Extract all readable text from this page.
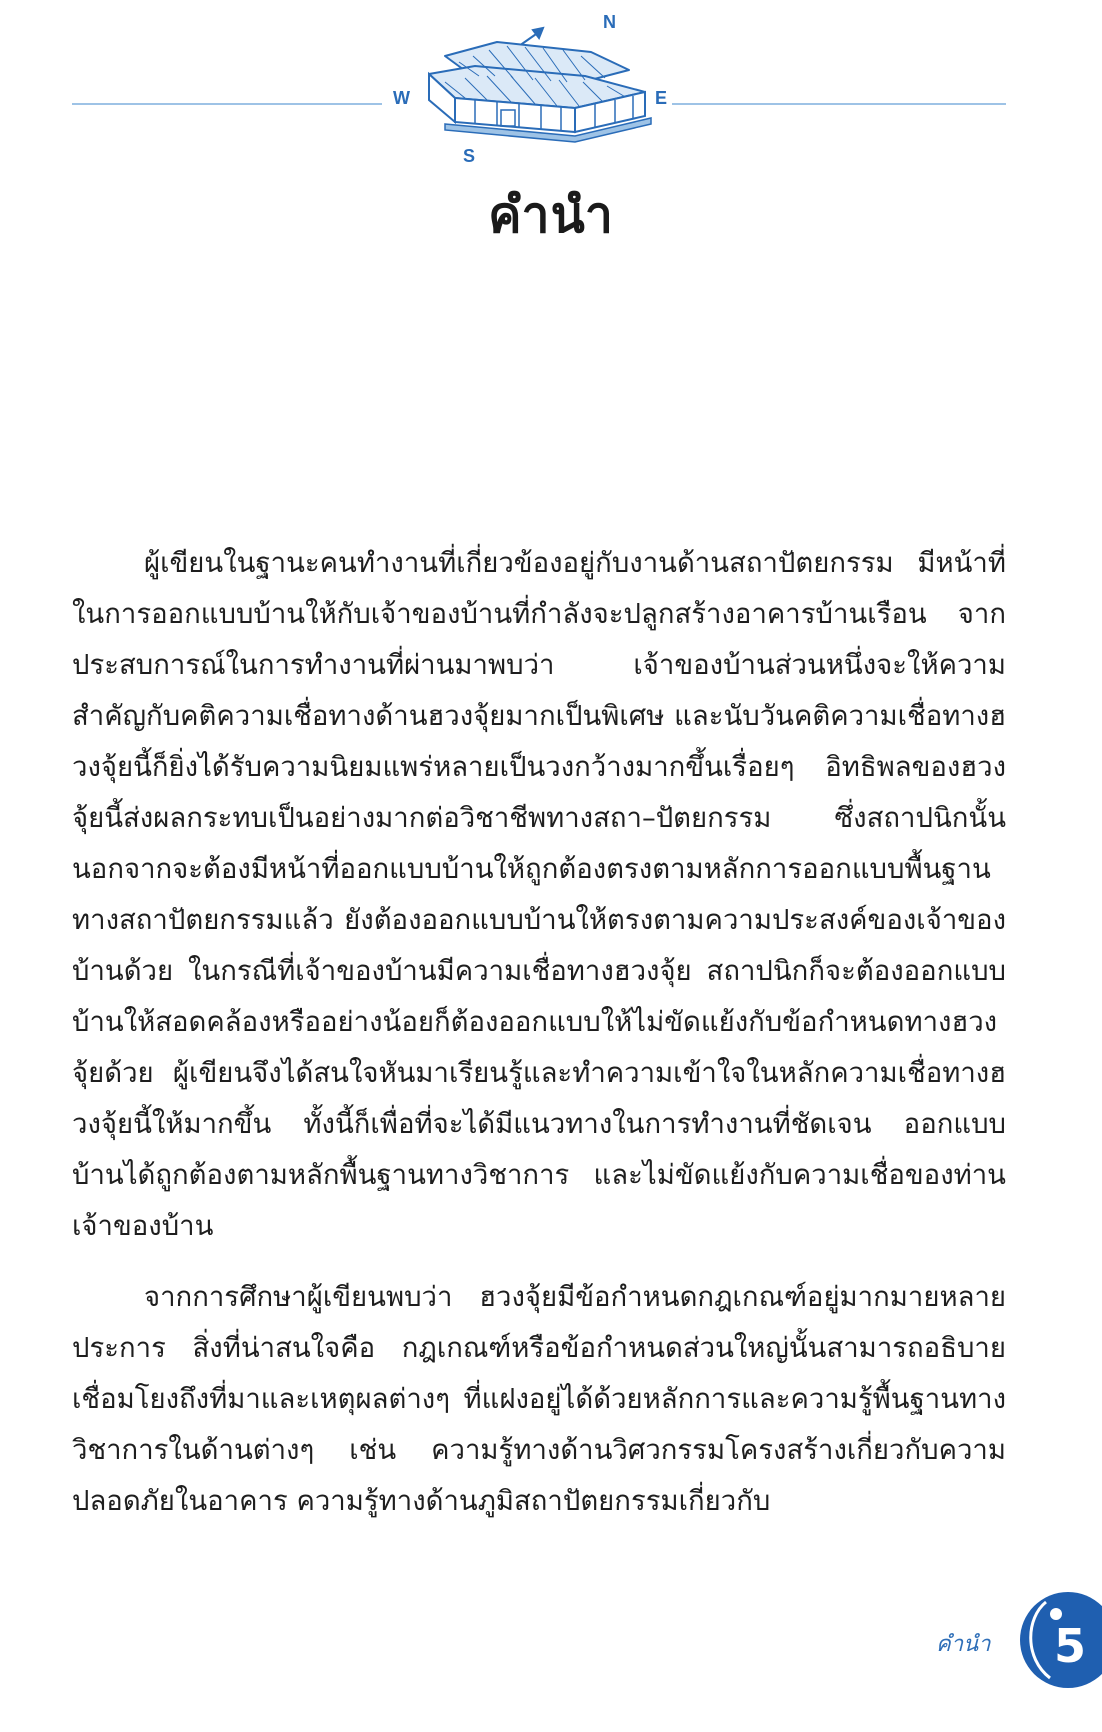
N
W	E
S
คำนำ

ผู้เขียนในฐานะคนทำงานที่เกี่ยวข้องอยู่กับงานด้านสถาปัตยกรรม มีหน้าที่ในการออกแบบบ้านให้กับเจ้าของบ้านที่กำลังจะปลูกสร้างอาคารบ้านเรือน จากประสบการณ์ในการทำงานที่ผ่านมาพบว่า เจ้าของบ้านส่วนหนึ่งจะให้ความสำคัญกับคติความเชื่อทางด้านฮวงจุ้ยมากเป็นพิเศษ และนับวันคติความเชื่อทางฮวงจุ้ยนี้ก็ยิ่งได้รับความนิยมแพร่หลายเป็นวงกว้างมากขึ้นเรื่อยๆ อิทธิพลของฮวงจุ้ยนี้ส่งผลกระทบเป็นอย่างมากต่อวิชาชีพทางสถา–ปัตยกรรม ซึ่งสถาปนิกนั้น นอกจากจะต้องมีหน้าที่ออกแบบบ้านให้ถูกต้องตรงตามหลักการออกแบบพื้นฐานทางสถาปัตยกรรมแล้ว ยังต้องออกแบบบ้านให้ตรงตามความประสงค์ของเจ้าของบ้านด้วย ในกรณีที่เจ้าของบ้านมีความเชื่อทางฮวงจุ้ย สถาปนิกก็จะต้องออกแบบบ้านให้สอดคล้องหรืออย่างน้อยก็ต้องออกแบบให้ไม่ขัดแย้งกับข้อกำหนดทางฮวงจุ้ยด้วย ผู้เขียนจึงได้สนใจหันมาเรียนรู้และทำความเข้าใจในหลักความเชื่อทางฮวงจุ้ยนี้ให้มากขึ้น ทั้งนี้ก็เพื่อที่จะได้มีแนวทางในการทำงานที่ชัดเจน ออกแบบบ้านได้ถูกต้องตามหลักพื้นฐานทางวิชาการ และไม่ขัดแย้งกับความเชื่อของท่านเจ้าของบ้าน

จากการศึกษาผู้เขียนพบว่า ฮวงจุ้ยมีข้อกำหนดกฎเกณฑ์อยู่มากมายหลายประการ สิ่งที่น่าสนใจคือ กฎเกณฑ์หรือข้อกำหนดส่วนใหญ่นั้นสามารถอธิบายเชื่อมโยงถึงที่มาและเหตุผลต่างๆ ที่แฝงอยู่ได้ด้วยหลักการและความรู้พื้นฐานทางวิชาการในด้านต่างๆ เช่น ความรู้ทางด้านวิศวกรรมโครงสร้างเกี่ยวกับความปลอดภัยในอาคาร ความรู้ทางด้านภูมิสถาปัตยกรรมเกี่ยวกับ

คำนำ 5
